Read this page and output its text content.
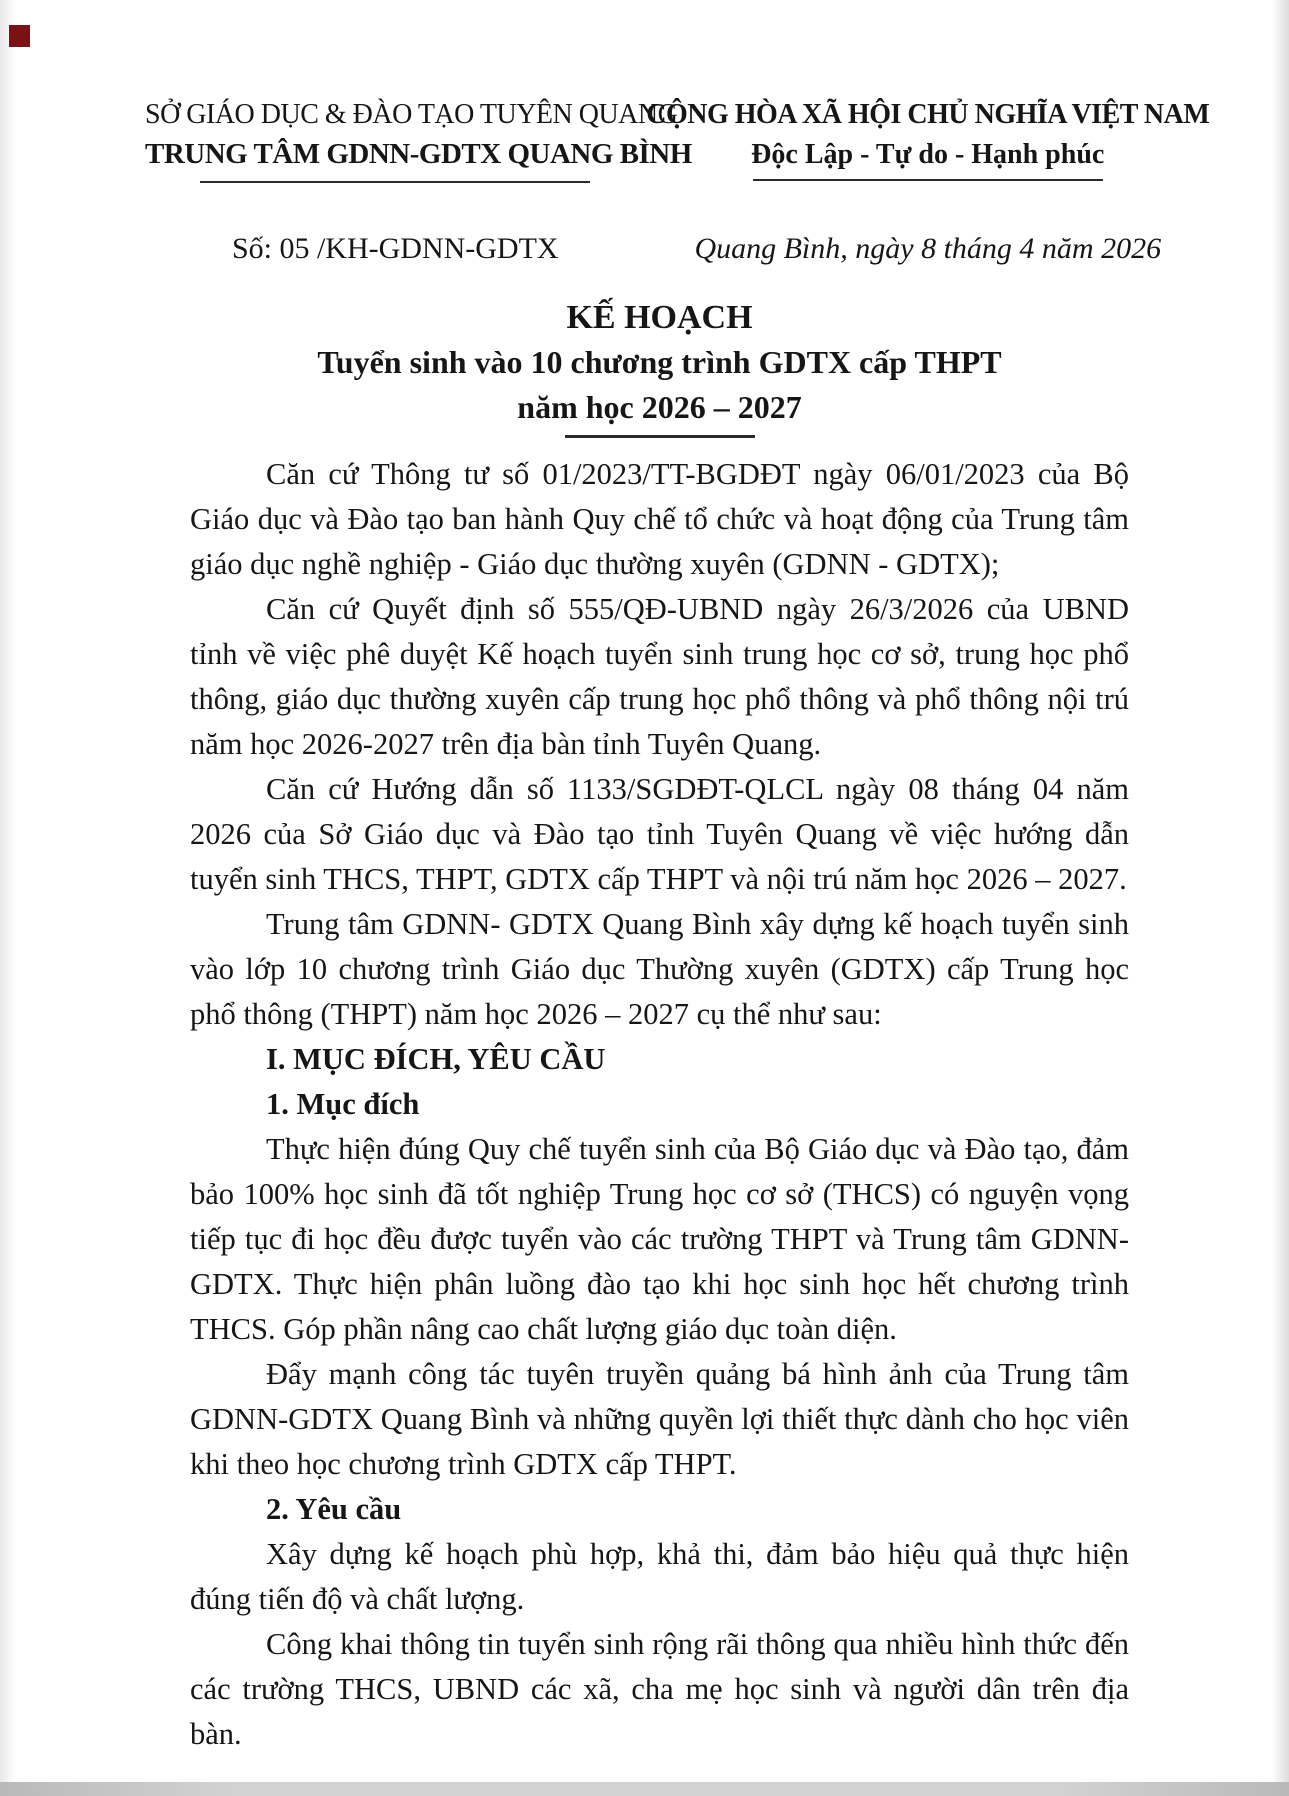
SỞ GIÁO DỤC & ĐÀO TẠO TUYÊN QUANG
TRUNG TÂM GDNN-GDTX QUANG BÌNH
CỘNG HÒA XÃ HỘI CHỦ NGHĨA VIỆT NAM
Độc Lập - Tự do - Hạnh phúc
Số: 05 /KH-GDNN-GDTX	Quang Bình, ngày 8 tháng 4 năm 2026
KẾ HOẠCH
Tuyển sinh vào 10 chương trình GDTX cấp THPT
năm học 2026 – 2027

Căn cứ Thông tư số 01/2023/TT-BGDĐT ngày 06/01/2023 của Bộ Giáo dục và Đào tạo ban hành Quy chế tổ chức và hoạt động của Trung tâm giáo dục nghề nghiệp - Giáo dục thường xuyên (GDNN - GDTX);

Căn cứ Quyết định số 555/QĐ-UBND ngày 26/3/2026 của UBND tỉnh về việc phê duyệt Kế hoạch tuyển sinh trung học cơ sở, trung học phổ thông, giáo dục thường xuyên cấp trung học phổ thông và phổ thông nội trú năm học 2026-2027 trên địa bàn tỉnh Tuyên Quang.

Căn cứ Hướng dẫn số 1133/SGDĐT-QLCL ngày 08 tháng 04 năm 2026 của Sở Giáo dục và Đào tạo tỉnh Tuyên Quang về việc hướng dẫn tuyển sinh THCS, THPT, GDTX cấp THPT và nội trú năm học 2026 – 2027.

Trung tâm GDNN- GDTX Quang Bình xây dựng kế hoạch tuyển sinh vào lớp 10 chương trình Giáo dục Thường xuyên (GDTX) cấp Trung học phổ thông (THPT) năm học 2026 – 2027 cụ thể như sau:

I. MỤC ĐÍCH, YÊU CẦU
1. Mục đích

Thực hiện đúng Quy chế tuyển sinh của Bộ Giáo dục và Đào tạo, đảm bảo 100% học sinh đã tốt nghiệp Trung học cơ sở (THCS) có nguyện vọng tiếp tục đi học đều được tuyển vào các trường THPT và Trung tâm GDNN-GDTX. Thực hiện phân luồng đào tạo khi học sinh học hết chương trình THCS. Góp phần nâng cao chất lượng giáo dục toàn diện.

Đẩy mạnh công tác tuyên truyền quảng bá hình ảnh của Trung tâm GDNN-GDTX Quang Bình và những quyền lợi thiết thực dành cho học viên khi theo học chương trình GDTX cấp THPT.

2. Yêu cầu

Xây dựng kế hoạch phù hợp, khả thi, đảm bảo hiệu quả thực hiện đúng tiến độ và chất lượng.

Công khai thông tin tuyển sinh rộng rãi thông qua nhiều hình thức đến các trường THCS, UBND các xã, cha mẹ học sinh và người dân trên địa bàn.
